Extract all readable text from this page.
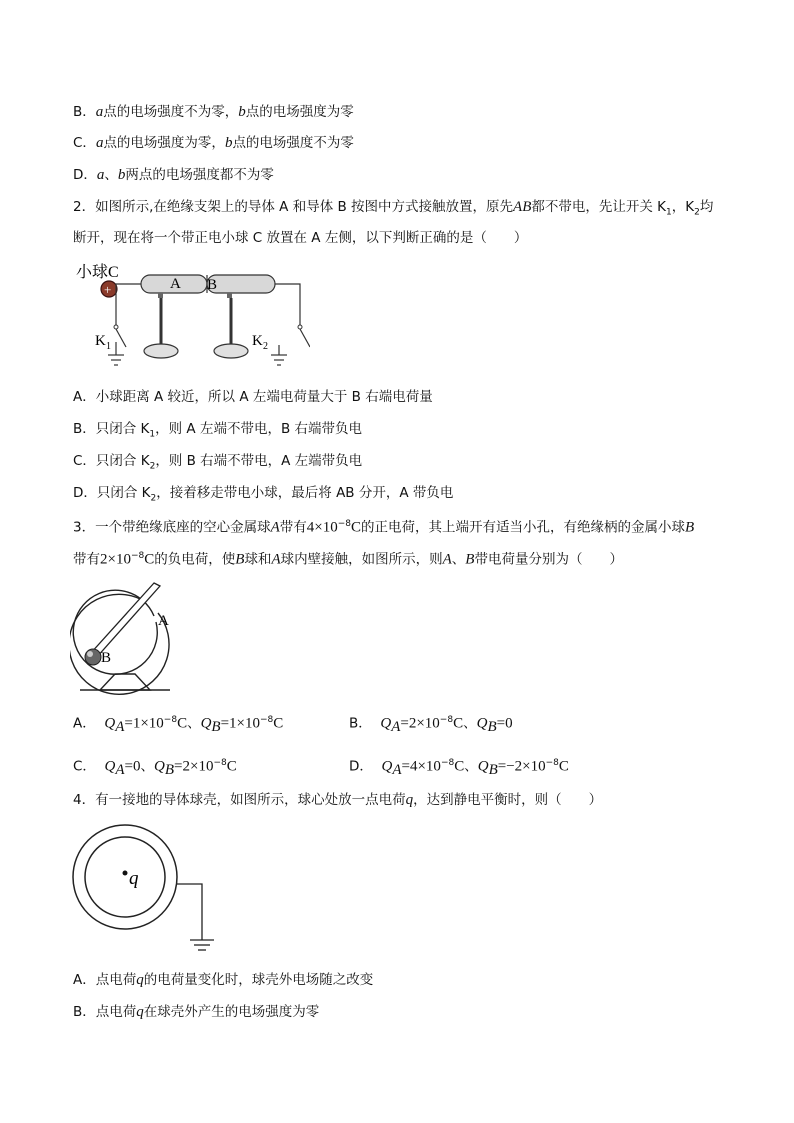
B．a点的电场强度不为零，b点的电场强度为零
C．a点的电场强度为零，b点的电场强度不为零
D．a、b两点的电场强度都不为零
2．如图所示,在绝缘支架上的导体 A 和导体 B 按图中方式接触放置，原先AB都不带电，先让开关 $K_1$，$K_2$均
断开，现在将一个带正电小球 C 放置在 A 左侧，以下判断正确的是（　　）
小球C
+	A B
K 1	K 2
A．小球距离 A 较近，所以 A 左端电荷量大于 B 右端电荷量
B．只闭合 $K_1$，则 A 左端不带电，B 右端带负电
C．只闭合 $K_2$，则 B 右端不带电，A 左端带负电
D．只闭合 $K_2$，接着移走带电小球，最后将 AB 分开，A 带负电
3．一个带绝缘底座的空心金属球A带有$4\times 10^{-8}C$的正电荷，其上端开有适当小孔，有绝缘柄的金属小球B
带有$2\times 10^{-8}C$的负电荷，使B球和A球内壁接触，如图所示，则A、B带电荷量分别为（　　）
A
B
A． $Q_A=1\times 10^{-8}C$、$Q_B=1\times 10^{-8}C$	B． $Q_A=2\times 10^{-8}C$、$Q_B=0$
C． $Q_A=0$、$Q_B=2\times 10^{-8}C$	D． $Q_A=4\times 10^{-8}C$、$Q_B=-2\times 10^{-8}C$
4．有一接地的导体球壳，如图所示，球心处放一点电荷q，达到静电平衡时，则（　　）
q
A．点电荷q的电荷量变化时，球壳外电场随之改变
B．点电荷q在球壳外产生的电场强度为零
